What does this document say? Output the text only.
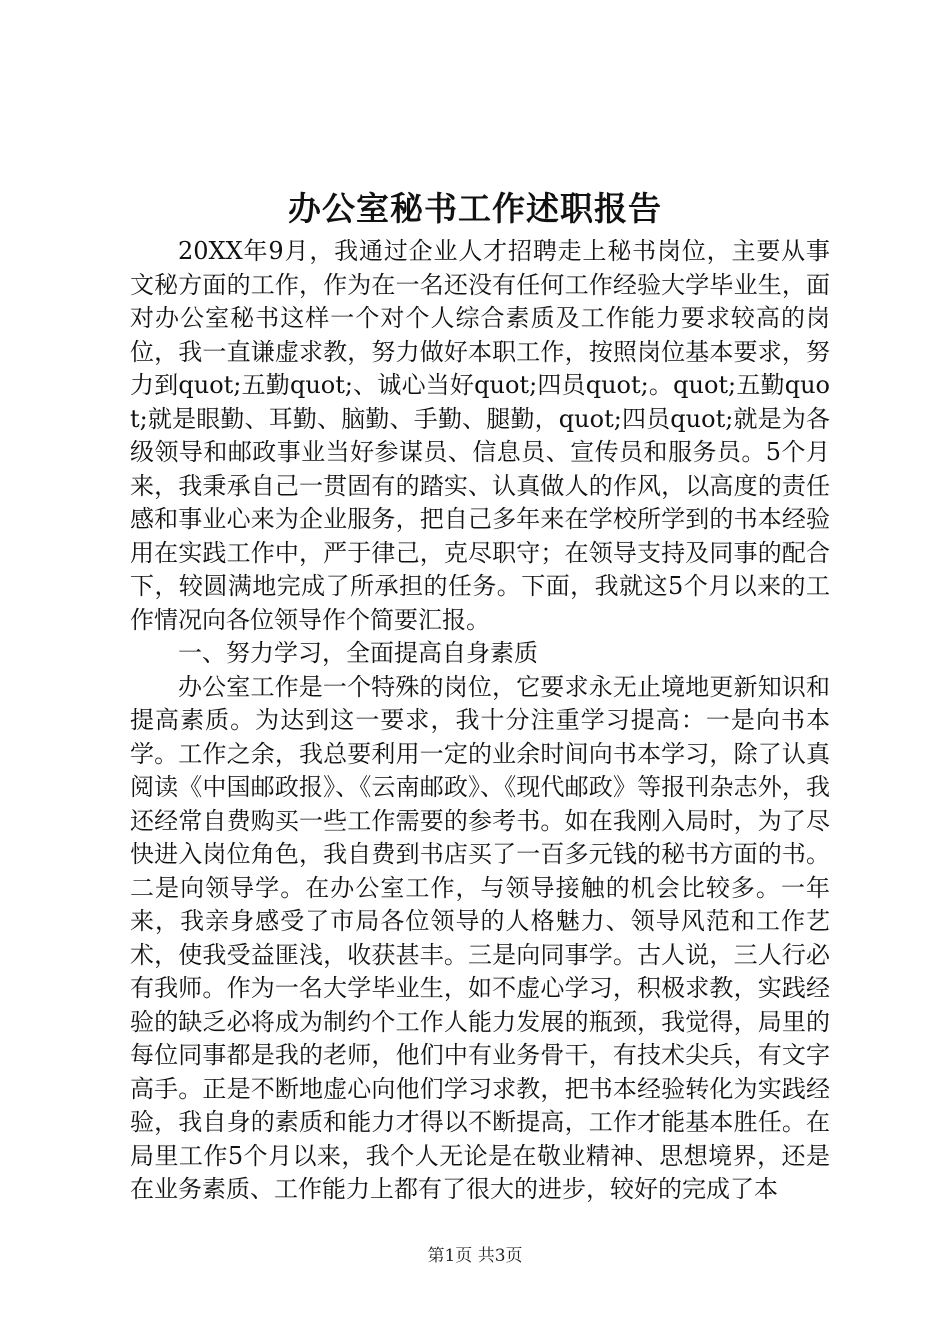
办公室秘书工作述职报告

20XX年9月，我通过企业人才招聘走上秘书岗位，主要从事文秘方面的工作，作为在一名还没有任何工作经验大学毕业生，面对办公室秘书这样一个对个人综合素质及工作能力要求较高的岗位，我一直谦虚求教，努力做好本职工作，按照岗位基本要求，努力到quot;五勤quot;、诚心当好quot;四员quot;。quot;五勤quot;就是眼勤、耳勤、脑勤、手勤、腿勤，quot;四员quot;就是为各级领导和邮政事业当好参谋员、信息员、宣传员和服务员。5个月来，我秉承自己一贯固有的踏实、认真做人的作风，以高度的责任感和事业心来为企业服务，把自己多年来在学校所学到的书本经验用在实践工作中，严于律己，克尽职守；在领导支持及同事的配合下，较圆满地完成了所承担的任务。下面，我就这5个月以来的工作情况向各位领导作个简要汇报。

一、努力学习，全面提高自身素质

办公室工作是一个特殊的岗位，它要求永无止境地更新知识和提高素质。为达到这一要求，我十分注重学习提高：一是向书本学。工作之余，我总要利用一定的业余时间向书本学习，除了认真阅读《中国邮政报》、《云南邮政》、《现代邮政》等报刊杂志外，我还经常自费购买一些工作需要的参考书。如在我刚入局时，为了尽快进入岗位角色，我自费到书店买了一百多元钱的秘书方面的书。二是向领导学。在办公室工作，与领导接触的机会比较多。一年来，我亲身感受了市局各位领导的人格魅力、领导风范和工作艺术，使我受益匪浅，收获甚丰。三是向同事学。古人说，三人行必有我师。作为一名大学毕业生，如不虚心学习，积极求教，实践经验的缺乏必将成为制约个工作人能力发展的瓶颈，我觉得，局里的每位同事都是我的老师，他们中有业务骨干，有技术尖兵，有文字高手。正是不断地虚心向他们学习求教，把书本经验转化为实践经验，我自身的素质和能力才得以不断提高，工作才能基本胜任。在局里工作5个月以来，我个人无论是在敬业精神、思想境界，还是在业务素质、工作能力上都有了很大的进步，较好的完成了本

第1页 共3页
